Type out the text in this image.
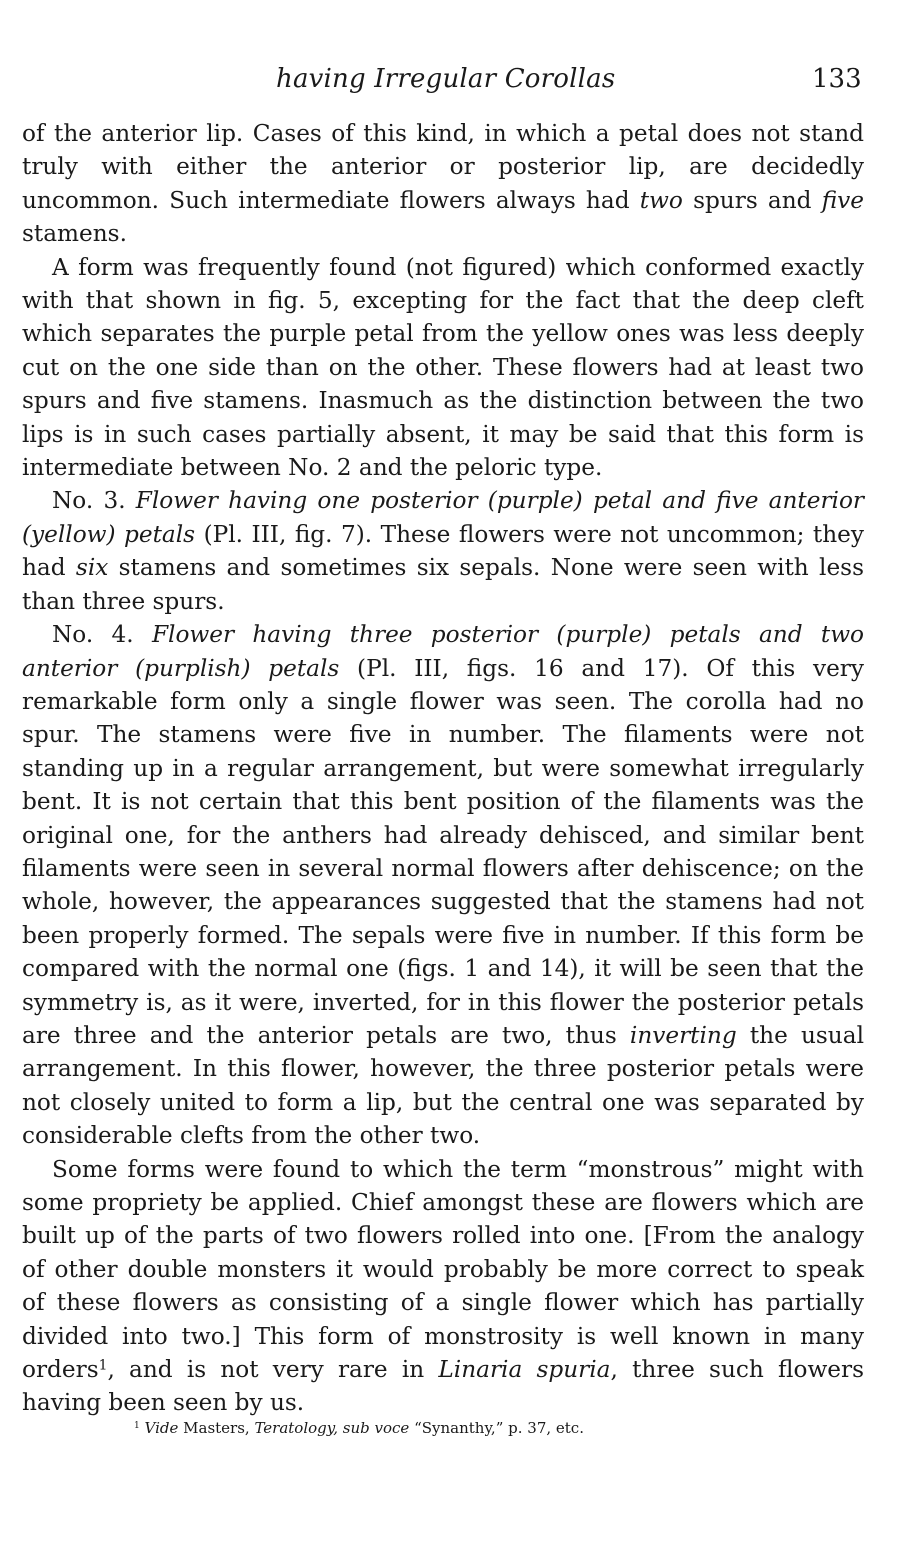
having Irregular Corollas	133

of the anterior lip. Cases of this kind, in which a petal does not stand truly with either the anterior or posterior lip, are decidedly uncommon. Such intermediate flowers always had two spurs and five stamens.

A form was frequently found (not figured) which conformed exactly with that shown in fig. 5, excepting for the fact that the deep cleft which separates the purple petal from the yellow ones was less deeply cut on the one side than on the other. These flowers had at least two spurs and five stamens. Inasmuch as the distinction between the two lips is in such cases partially absent, it may be said that this form is intermediate between No. 2 and the peloric type.

No. 3. Flower having one posterior (purple) petal and five anterior (yellow) petals (Pl. III, fig. 7). These flowers were not uncommon; they had six stamens and sometimes six sepals. None were seen with less than three spurs.

No. 4. Flower having three posterior (purple) petals and two anterior (purplish) petals (Pl. III, figs. 16 and 17). Of this very remarkable form only a single flower was seen. The corolla had no spur. The stamens were five in number. The filaments were not standing up in a regular arrangement, but were somewhat irregularly bent. It is not certain that this bent position of the filaments was the original one, for the anthers had already dehisced, and similar bent filaments were seen in several normal flowers after dehiscence; on the whole, however, the appearances suggested that the stamens had not been properly formed. The sepals were five in number. If this form be compared with the normal one (figs. 1 and 14), it will be seen that the symmetry is, as it were, inverted, for in this flower the posterior petals are three and the anterior petals are two, thus inverting the usual arrangement. In this flower, however, the three posterior petals were not closely united to form a lip, but the central one was separated by considerable clefts from the other two.

Some forms were found to which the term “monstrous” might with some propriety be applied. Chief amongst these are flowers which are built up of the parts of two flowers rolled into one. [From the analogy of other double monsters it would probably be more correct to speak of these flowers as consisting of a single flower which has partially divided into two.] This form of monstrosity is well known in many orders$^1$, and is not very rare in Linaria spuria, three such flowers having been seen by us.

$^1$ Vide Masters, Teratology, sub voce “Synanthy,” p. 37, etc.
